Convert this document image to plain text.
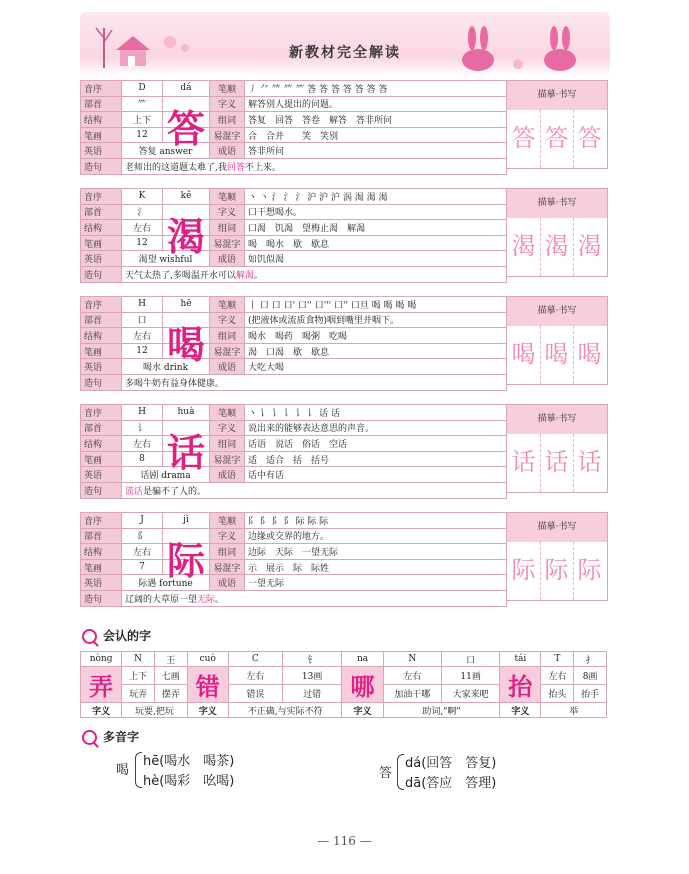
新教材完全解读
音序	D	dá	笔顺	丿 ⺈ ⺮ ⺮ ⺮ 答 答 答 答 答 答 答
部首	⺮		字义	解答别人提出的问题。
结构	上下		组词	答复　回答　答卷　解答　答非所问
笔画	12		易混字	合　合并　　笑　笑别
英语	答复 answer		成语	答非所问
造句	老师出的这道题太难了,我回答不上来。			
答
描摹·书写
答 答 答
音序	K	kě	笔顺	丶 丶 氵 氵 氵 沪 沪 沪 涡 渴 渴 渴
部首	氵		字义	口干想喝水。
结构	左右		组词	口渴　饥渴　望梅止渴　解渴
笔画	12		易混字	喝　喝水　歇　歇息
英语	渴望 wishful		成语	如饥似渴
造句	天气太热了,多喝温开水可以解渴。			
渴
描摹·书写
渴 渴 渴
音序	H	hē	笔顺	丨 口 口 口' 口'' 口''' 口'' 口旦 喝 喝 喝 喝
部首	口		字义	(把液体或流质食物)咽到嘴里并咽下。
结构	左右		组词	喝水　喝药　喝粥　吃喝
笔画	12		易混字	渴　口渴　歇　歇息
英语	喝水 drink		成语	大吃大喝
造句	多喝牛奶有益身体健康。			
喝
描摹·书写
喝 喝 喝
音序	H	huà	笔顺	丶 讠 讠 讠 讠 讠 话 话
部首	讠		字义	说出来的能够表达意思的声音。
结构	左右		组词	话语　说话　俗话　空话
笔画	8		易混字	适　适合　括　括号
英语	话剧 drama		成语	话中有话
造句	谎话是骗不了人的。			
话
描摹·书写
话 话 话
音序	J	jì	笔顺	阝 阝 阝 阝 际 际 际
部首	阝		字义	边缘或交界的地方。
结构	左右		组词	边际　天际　一望无际
笔画	7		易混字	示　展示　际　际姓
英语	际遇 fortune		成语	一望无际
造句	辽阔的大草原一望无际。			
际
描摹·书写
际 际 际
会认的字
nòng	N	王	cuò	C	钅	na	N	口	tái	T	扌
弄	上下	七画	错	左右	13画	哪	左右	11画	抬	左右	8画
	玩弄	摆弄		错误	过错		加油干哪	大家来吧		抬头	抬手
字义	玩要,把玩		字义	不正确,与实际不符		字义	助词,"啊"		字义	举	
多音字
喝
hē(喝水　喝茶)
hè(喝彩　吆喝)
答
dá(回答　答复)
dā(答应　答理)
— 116 —
